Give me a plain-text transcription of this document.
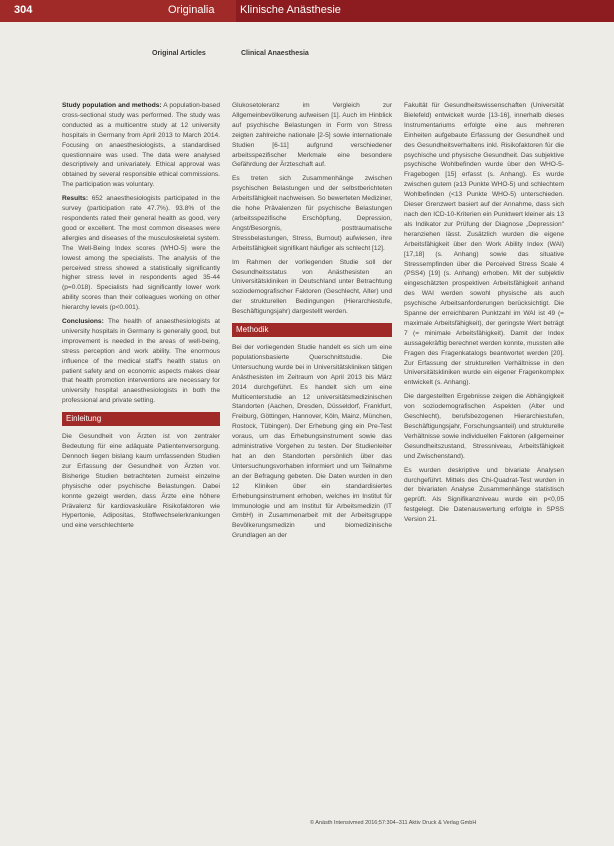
304	Originalia Klinische Anästhesie
Original Articles	Clinical Anaesthesia

Study population and methods: A population-based cross-sectional study was performed. The study was conducted as a multicentre study at 12 university hospitals in Germany from April 2013 to March 2014. Focusing on anaesthesiologists, a standardised questionnaire was used. The data were analysed descriptively and univariately. Ethical approval was obtained by several responsible ethical commissions. The participation was voluntary.

Results: 652 anaesthesiologists participated in the survey (participation rate 47.7%). 93.8% of the respondents rated their general health as good, very good or excellent. The most common diseases were allergies and diseases of the musculoskeletal system. The Well-Being Index scores (WHO-5) were the lowest among the specialists. The analysis of the perceived stress showed a statistically significantly higher stress level in respondents aged 35-44 (p=0.018). Specialists had significantly lower work ability scores than their colleagues working on other hierarchy levels (p<0.001).

Conclusions: The health of anaesthesiologists at university hospitals in Germany is generally good, but improvement is needed in the areas of well-being, stress perception and work ability. The enormous influence of the medical staff's health status on patient safety and on economic aspects makes clear that health promotion interventions are necessary for university hospital anaesthesiologists in both the professional and private setting.

Einleitung

Die Gesundheit von Ärzten ist von zentraler Bedeutung für eine adäquate Patientenversorgung. Dennoch liegen bislang kaum umfassenden Studien zur Erfassung der Gesundheit von Ärzten vor. Bisherige Studien betrachteten zumeist einzelne physische oder psychische Belastungen. Dabei konnte gezeigt werden, dass Ärzte eine höhere Prävalenz für kardiovaskuläre Risikofaktoren wie Hypertonie, Adipositas, Stoffwechselerkrankungen und eine verschlechterte

Glukosetoleranz im Vergleich zur Allgemeinbevölkerung aufweisen [1]. Auch im Hinblick auf psychische Belastungen in Form von Stress zeigten zahlreiche nationale [2-5] sowie internationale Studien [6-11] aufgrund verschiedener arbeitsspezifischer Merkmale eine besondere Gefährdung der Ärzteschaft auf.

Es treten sich Zusammenhänge zwischen psychischen Belastungen und der selbstberichteten Arbeitsfähigkeit nachweisen. So bewerteten Mediziner, die hohe Prävalenzen für psychische Belastungen (arbeitsspezifische Erschöpfung, Depression, Angst/Besorgnis, posttraumatische Stressbelastungen, Stress, Burnout) aufwiesen, ihre Arbeitsfähigkeit signifikant häufiger als schlecht [12].

Im Rahmen der vorliegenden Studie soll der Gesundheitsstatus von Anästhesisten an Universitätskliniken in Deutschland unter Betrachtung soziodemografischer Faktoren (Geschlecht, Alter) und der strukturellen Bedingungen (Hierarchiestufe, Beschäftigungsjahr) dargestellt werden.

Methodik

Bei der vorliegenden Studie handelt es sich um eine populationsbasierte Querschnittstudie. Die Untersuchung wurde bei in Universitätskliniken tätigen Anästhesisten im Zeitraum von April 2013 bis März 2014 durchgeführt. Es handelt sich um eine Multicenterstudie an 12 universitätsmedizinischen Standorten (Aachen, Dresden, Düsseldorf, Frankfurt, Freiburg, Göttingen, Hannover, Köln, Mainz, München, Rostock, Tübingen). Der Erhebung ging ein Pre-Test voraus, um das Erhebungsinstrument sowie das administrative Vorgehen zu testen. Der Studienleiter hat an den Standorten persönlich über das Untersuchungsvorhaben informiert und um Teilnahme an der Befragung gebeten. Die Daten wurden in den 12 Kliniken über ein standardisiertes Erhebungsinstrument erhoben, welches im Institut für Immunologie und am Institut für Arbeitsmedizin (IT GmbH) in Zusammenarbeit mit der Arbeitsgruppe Bevölkerungsmedizin und biomedizinische Grundlagen an der

Fakultät für Gesundheitswissenschaften (Universität Bielefeld) entwickelt wurde [13-16], innerhalb dieses Instrumentariums erfolgte eine aus mehreren Einheiten aufgebaute Erfassung der Gesundheit und des Gesundheitsverhaltens inkl. Risikofaktoren für die psychische und physische Gesundheit. Das subjektive psychische Wohlbefinden wurde über den WHO-5-Fragebogen [15] erfasst (s. Anhang). Es wurde zwischen gutem (≥13 Punkte WHO-5) und schlechtem Wohlbefinden (<13 Punkte WHO-5) unterschieden. Dieser Grenzwert basiert auf der Annahme, dass sich nach den ICD-10-Kriterien ein Punktwert kleiner als 13 als Indikator zur Prüfung der Diagnose „Depression" heranziehen lässt. Zusätzlich wurden die eigene Arbeitsfähigkeit über den Work Ability Index (WAI) [17,18] (s. Anhang) sowie das situative Stressempfinden über die Perceived Stress Scale 4 (PSS4) [19] (s. Anhang) erhoben. Mit der subjektiv eingeschätzten prospektiven Arbeitsfähigkeit anhand des WAI werden sowohl physische als auch psychische Arbeitsanforderungen berücksichtigt. Die Spanne der erreichbaren Punktzahl im WAI ist 49 (= maximale Arbeitsfähigkeit), der geringste Wert beträgt 7 (= minimale Arbeitsfähigkeit). Damit der Index aussagekräftig berechnet werden konnte, mussten alle Fragen des Fragenkatalogs beantwortet werden [20]. Zur Erfassung der strukturellen Verhältnisse in den Universitätskliniken wurde ein eigener Fragenkomplex entwickelt (s. Anhang).

Die dargestellten Ergebnisse zeigen die Abhängigkeit von soziodemografischen Aspekten (Alter und Geschlecht), berufsbezogenen Hierarchiestufen, Beschäftigungsjahr, Forschungsanteil) und strukturelle Verhältnisse sowie individuellen Faktoren (allgemeiner Gesundheitszustand, Stressniveau, Arbeitsfähigkeit und Zwischenstand).

Es wurden deskriptive und bivariate Analysen durchgeführt. Mittels des Chi-Quadrat-Test wurden in der bivariaten Analyse Zusammenhänge statistisch geprüft. Als Signifikanzniveau wurde ein p<0,05 festgelegt. Die Datenauswertung erfolgte in SPSS Version 21.

© Anästh Intensivmed 2016;57:304–311 Aktiv Druck & Verlag GmbH
